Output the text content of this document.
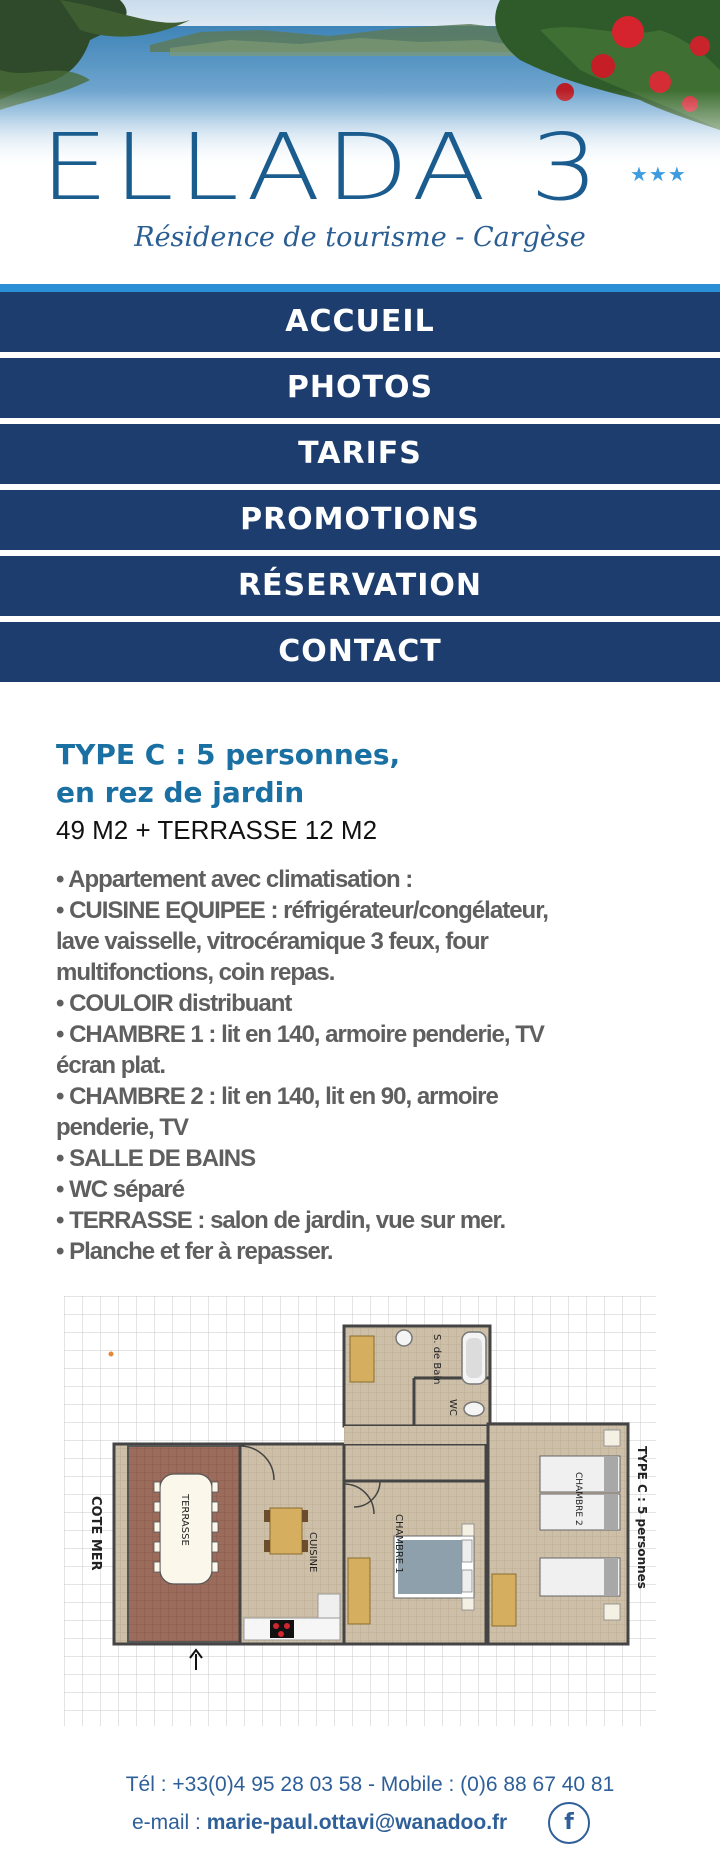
ELLADA 3 ★★★
Résidence de tourisme - Cargèse
ACCUEIL
PHOTOS
TARIFS
PROMOTIONS
RÉSERVATION
CONTACT
TYPE C : 5 personnes,
en rez de jardin
49 M2 + TERRASSE 12 M2
• Appartement avec climatisation :
• CUISINE EQUIPEE : réfrigérateur/congélateur,
lave vaisselle, vitrocéramique 3 feux, four
multifonctions, coin repas.
• COULOIR distribuant
• CHAMBRE 1 : lit en 140, armoire penderie, TV
écran plat.
• CHAMBRE 2 : lit en 140, lit en 90, armoire
penderie, TV
• SALLE DE BAINS
• WC séparé
• TERRASSE : salon de jardin, vue sur mer.
• Planche et fer à repasser.
S. de Bain
WC
TERRASSE
CUISINE	CHAMBRE 1
CHAMBRE 2
COTE MER	TYPE C : 5 personnes
Tél : +33(0)4 95 28 03 58 - Mobile : (0)6 88 67 40 81
e-mail : marie-paul.ottavi@wanadoo.fr	f
